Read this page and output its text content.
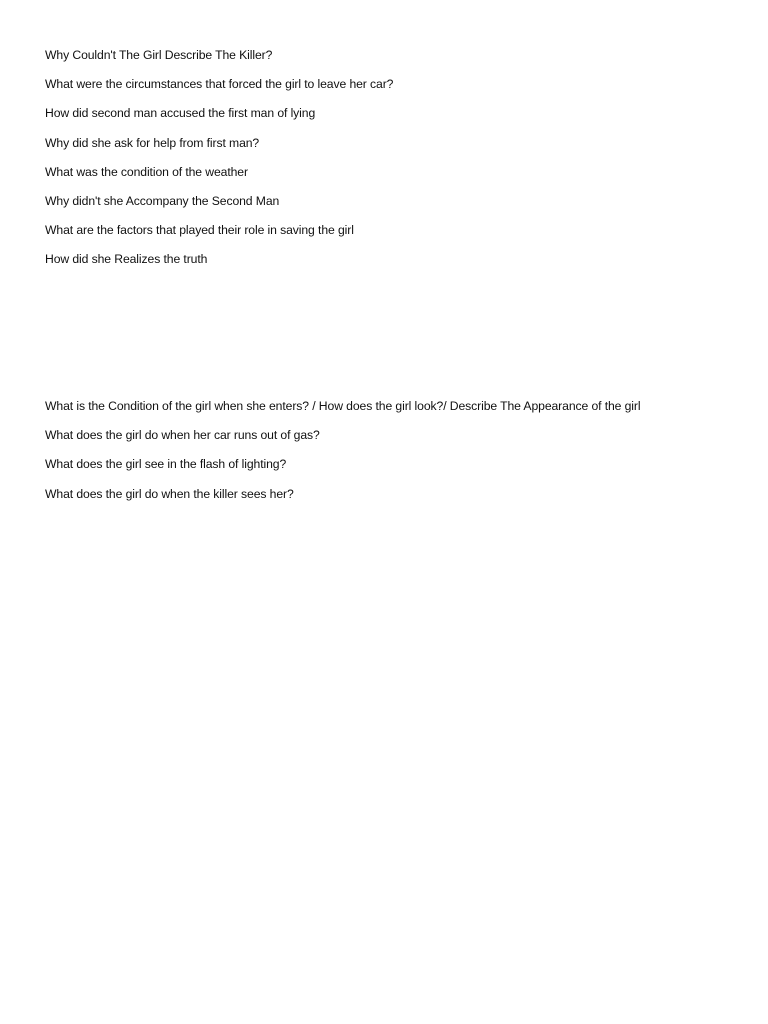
Why Couldn't The Girl Describe The Killer?
What were the circumstances that forced the girl to leave her car?
How did second man accused the first man of lying
Why did she ask for help from first man?
What was the condition of the weather
Why didn't she Accompany the Second Man
What are the factors that played their role in saving the girl
How did she Realizes the truth
What is the Condition of the girl when she enters? / How does the girl look?/ Describe The Appearance of the girl
What does the girl do when her car runs out of gas?
What does the girl see in the flash of lighting?
What does the girl do when the killer sees her?
